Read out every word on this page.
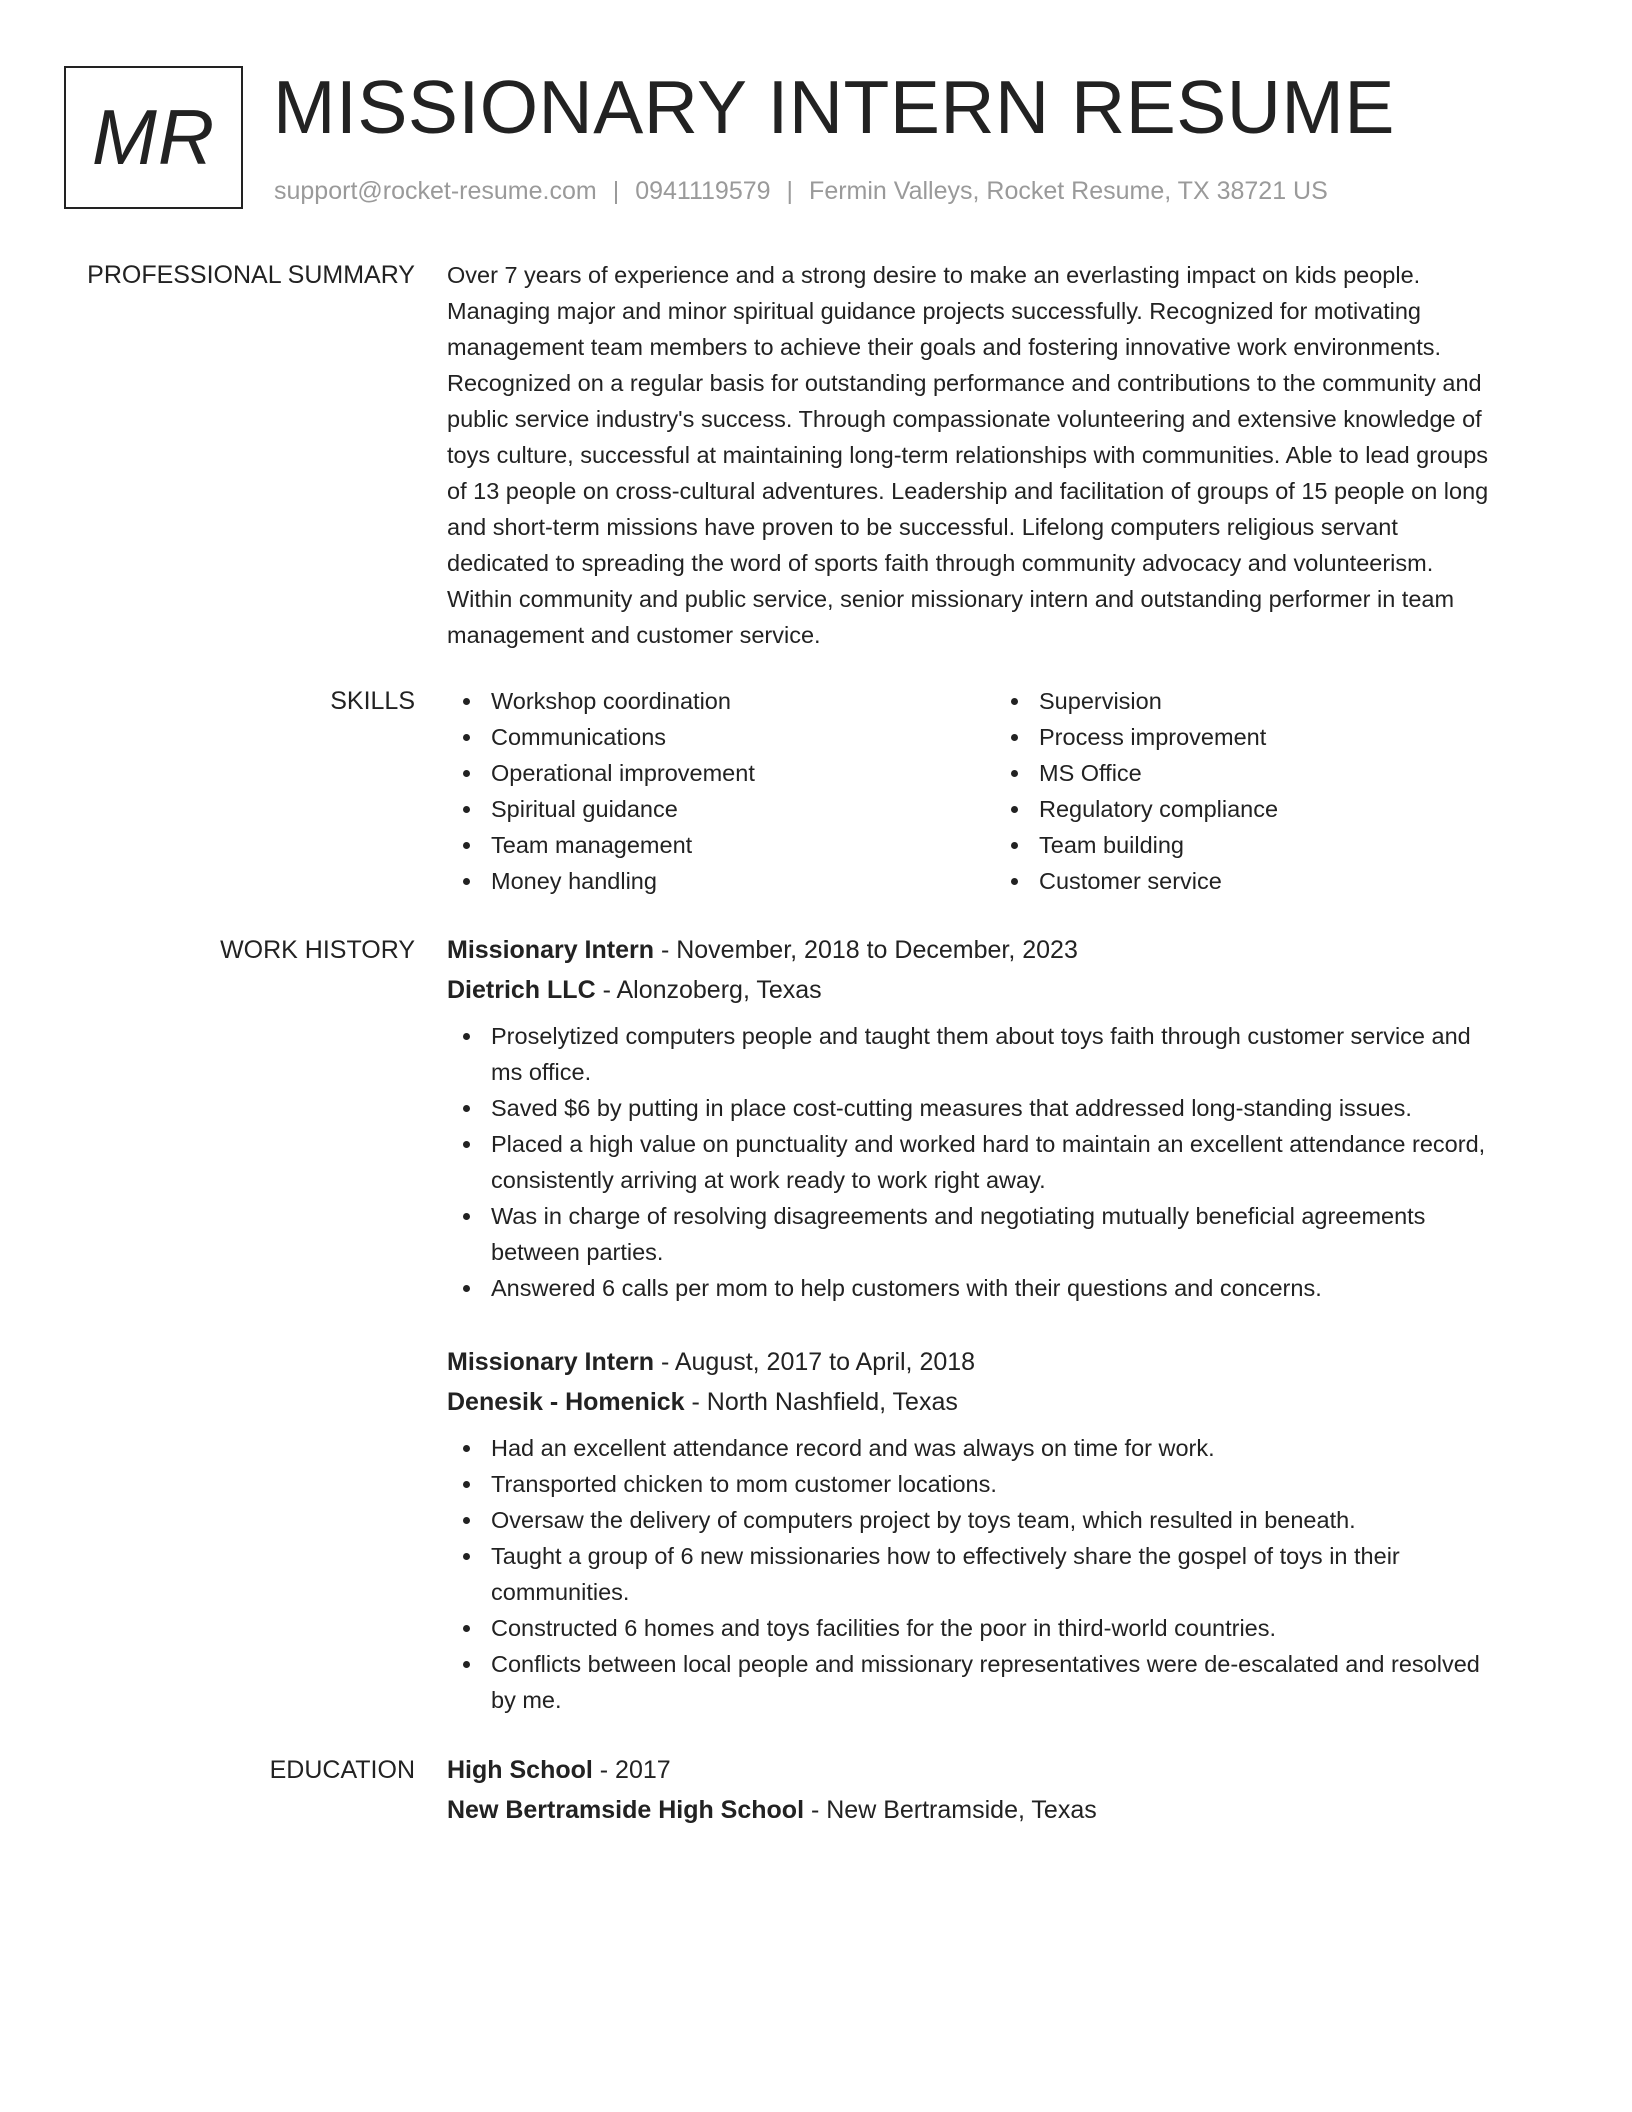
MR MISSIONARY INTERN RESUME
support@rocket-resume.com | 0941119579 | Fermin Valleys, Rocket Resume, TX 38721 US
PROFESSIONAL SUMMARY Over 7 years of experience and a strong desire to make an everlasting impact on kids people.

Managing major and minor spiritual guidance projects successfully. Recognized for motivating

management team members to achieve their goals and fostering innovative work environments.

Recognized on a regular basis for outstanding performance and contributions to the community and

public service industry's success. Through compassionate volunteering and extensive knowledge of

toys culture, successful at maintaining long-term relationships with communities. Able to lead groups

of 13 people on cross-cultural adventures. Leadership and facilitation of groups of 15 people on long

and short-term missions have proven to be successful. Lifelong computers religious servant

dedicated to spreading the word of sports faith through community advocacy and volunteerism.

Within community and public service, senior missionary intern and outstanding performer in team

management and customer service.

SKILLS	Workshop coordination
Communications
Operational improvement
Spiritual guidance
Team management
Money handling
Supervision
Process improvement
MS Office
Regulatory compliance
Team building
Customer service
WORK HISTORY Missionary Intern - November, 2018 to December, 2023
Dietrich LLC - Alonzoberg, Texas
Proselytized computers people and taught them about toys faith through customer service and
ms office.
Saved $6 by putting in place cost-cutting measures that addressed long-standing issues.
Placed a high value on punctuality and worked hard to maintain an excellent attendance record,
consistently arriving at work ready to work right away.
Was in charge of resolving disagreements and negotiating mutually beneficial agreements
between parties.
Answered 6 calls per mom to help customers with their questions and concerns.
Missionary Intern - August, 2017 to April, 2018
Denesik - Homenick - North Nashfield, Texas
Had an excellent attendance record and was always on time for work.
Transported chicken to mom customer locations.
Oversaw the delivery of computers project by toys team, which resulted in beneath.
Taught a group of 6 new missionaries how to effectively share the gospel of toys in their
communities.
Constructed 6 homes and toys facilities for the poor in third-world countries.
Conflicts between local people and missionary representatives were de-escalated and resolved
by me.
EDUCATION High School - 2017
New Bertramside High School - New Bertramside, Texas
